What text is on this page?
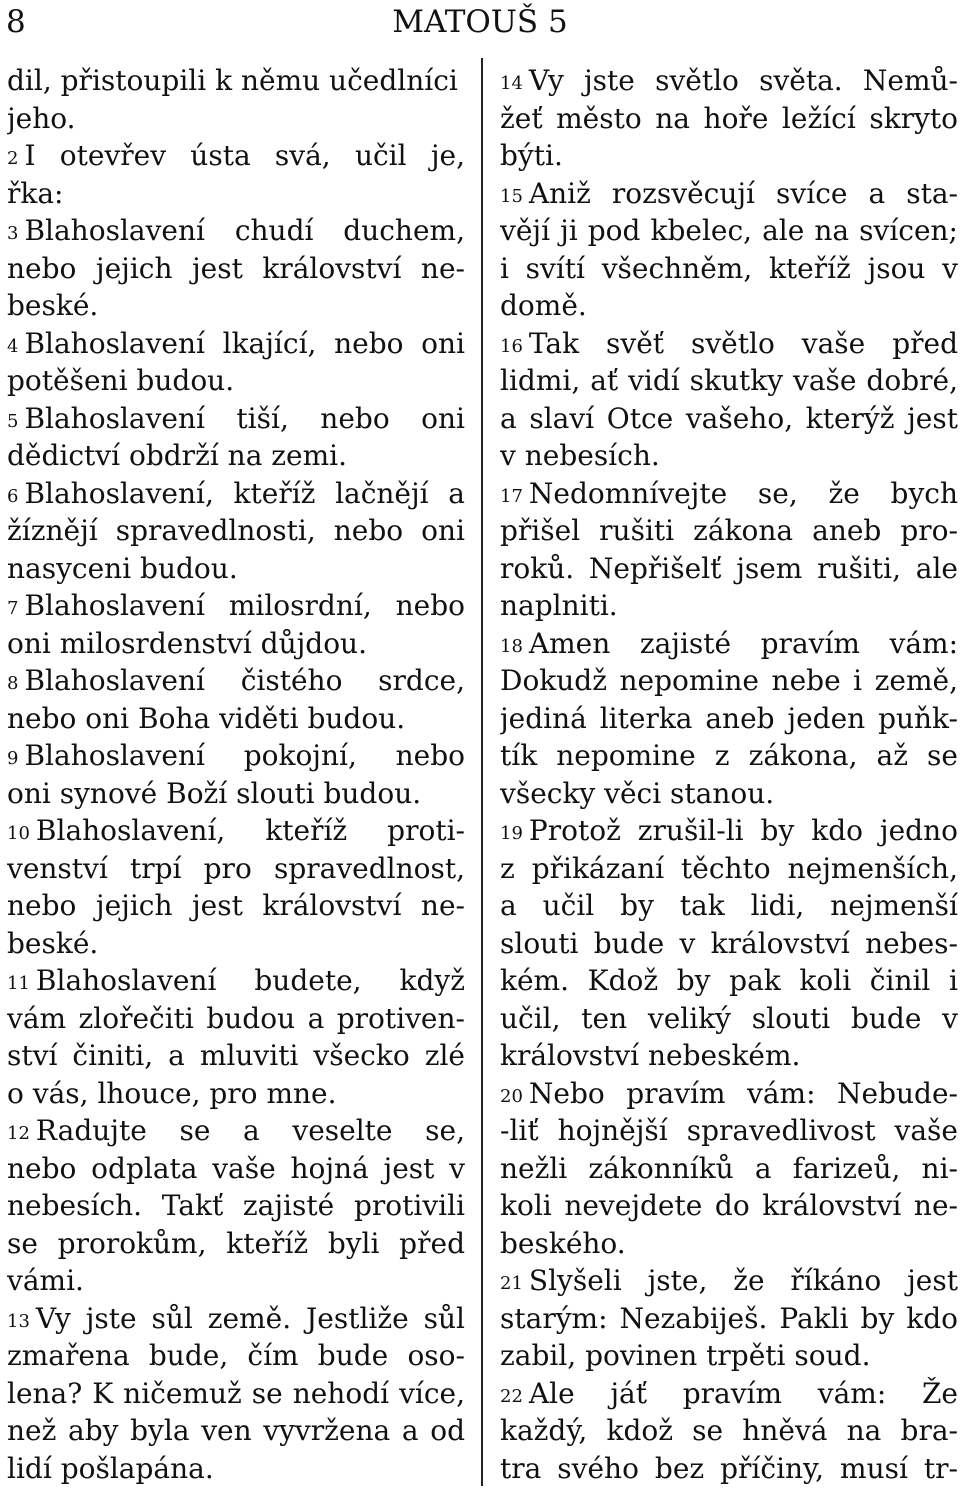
8	MATOUŠ 5
dil, přistoupili k němu učedlníci
jeho.
2 I otevřev ústa svá, učil je,
řka:
3 Blahoslavení chudí duchem,
nebo jejich jest království ne-
beské.
4 Blahoslavení lkající, nebo oni
potěšeni budou.
5 Blahoslavení tiší, nebo oni
dědictví obdrží na zemi.
6 Blahoslavení, kteříž lačnějí a
žíznějí spravedlnosti, nebo oni
nasyceni budou.
7 Blahoslavení milosrdní, nebo
oni milosrdenství důjdou.
8 Blahoslavení čistého srdce,
nebo oni Boha viděti budou.
9 Blahoslavení pokojní, nebo
oni synové Boží slouti budou.
10 Blahoslavení, kteříž proti-
venství trpí pro spravedlnost,
nebo jejich jest království ne-
beské.
11 Blahoslavení budete, když
vám zlořečiti budou a protiven-
ství činiti, a mluviti všecko zlé
o vás, lhouce, pro mne.
12 Radujte se a veselte se,
nebo odplata vaše hojná jest v
nebesích. Takť zajisté protivili
se prorokům, kteříž byli před
vámi.
13 Vy jste sůl země. Jestliže sůl
zmařena bude, čím bude oso-
lena? K ničemuž se nehodí více,
než aby byla ven vyvržena a od
lidí pošlapána.
14 Vy jste světlo světa. Nemů-
žeť město na hoře ležící skryto
býti.
15 Aniž rozsvěcují svíce a sta-
vějí ji pod kbelec, ale na svícen;
i svítí všechněm, kteříž jsou v
domě.
16 Tak svěť světlo vaše před
lidmi, ať vidí skutky vaše dobré,
a slaví Otce vašeho, kterýž jest
v nebesích.
17 Nedomnívejte se, že bych
přišel rušiti zákona aneb pro-
roků. Nepřišelť jsem rušiti, ale
naplniti.
18 Amen zajisté pravím vám:
Dokudž nepomine nebe i země,
jediná literka aneb jeden puňk-
tík nepomine z zákona, až se
všecky věci stanou.
19 Protož zrušil-li by kdo jedno
z přikázaní těchto nejmenších,
a učil by tak lidi, nejmenší
slouti bude v království nebes-
kém. Kdož by pak koli činil i
učil, ten veliký slouti bude v
království nebeském.
20 Nebo pravím vám: Nebude-
-liť hojnější spravedlivost vaše
nežli zákonníků a farizeů, ni-
koli nevejdete do království ne-
beského.
21 Slyšeli jste, že říkáno jest
starým: Nezabiješ. Pakli by kdo
zabil, povinen trpěti soud.
22 Ale jáť pravím vám: Že
každý, kdož se hněvá na bra-
tra svého bez příčiny, musí tr-
